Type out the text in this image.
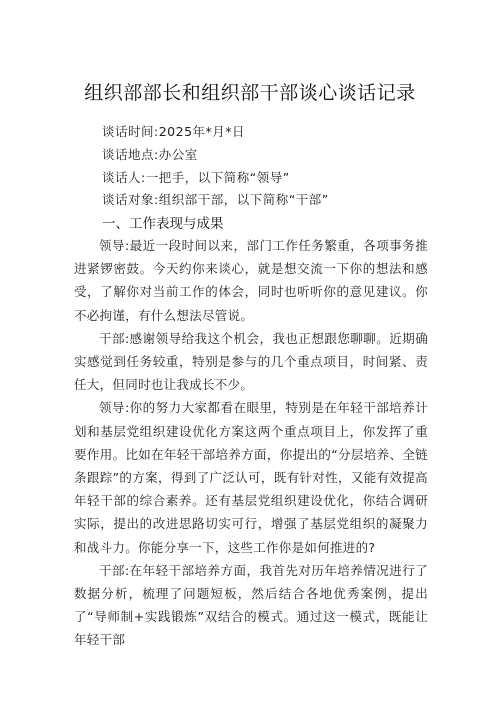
组织部部长和组织部干部谈心谈话记录
谈话时间:2025年*月*日
谈话地点:办公室
谈话人:一把手，以下简称“领导”
谈话对象:组织部干部，以下简称“干部”
一、工作表现与成果

领导:最近一段时间以来，部门工作任务繁重，各项事务推进紧锣密鼓。今天约你来谈心，就是想交流一下你的想法和感受，了解你对当前工作的体会，同时也听听你的意见建议。你不必拘谨，有什么想法尽管说。

干部:感谢领导给我这个机会，我也正想跟您聊聊。近期确实感觉到任务较重，特别是参与的几个重点项目，时间紧、责任大，但同时也让我成长不少。

领导:你的努力大家都看在眼里，特别是在年轻干部培养计划和基层党组织建设优化方案这两个重点项目上，你发挥了重要作用。比如在年轻干部培养方面，你提出的“分层培养、全链条跟踪”的方案，得到了广泛认可，既有针对性，又能有效提高年轻干部的综合素养。还有基层党组织建设优化，你结合调研实际，提出的改进思路切实可行，增强了基层党组织的凝聚力和战斗力。你能分享一下，这些工作你是如何推进的?

干部:在年轻干部培养方面，我首先对历年培养情况进行了数据分析，梳理了问题短板，然后结合各地优秀案例，提出了“导师制+实践锻炼”双结合的模式。通过这一模式，既能让年轻干部
